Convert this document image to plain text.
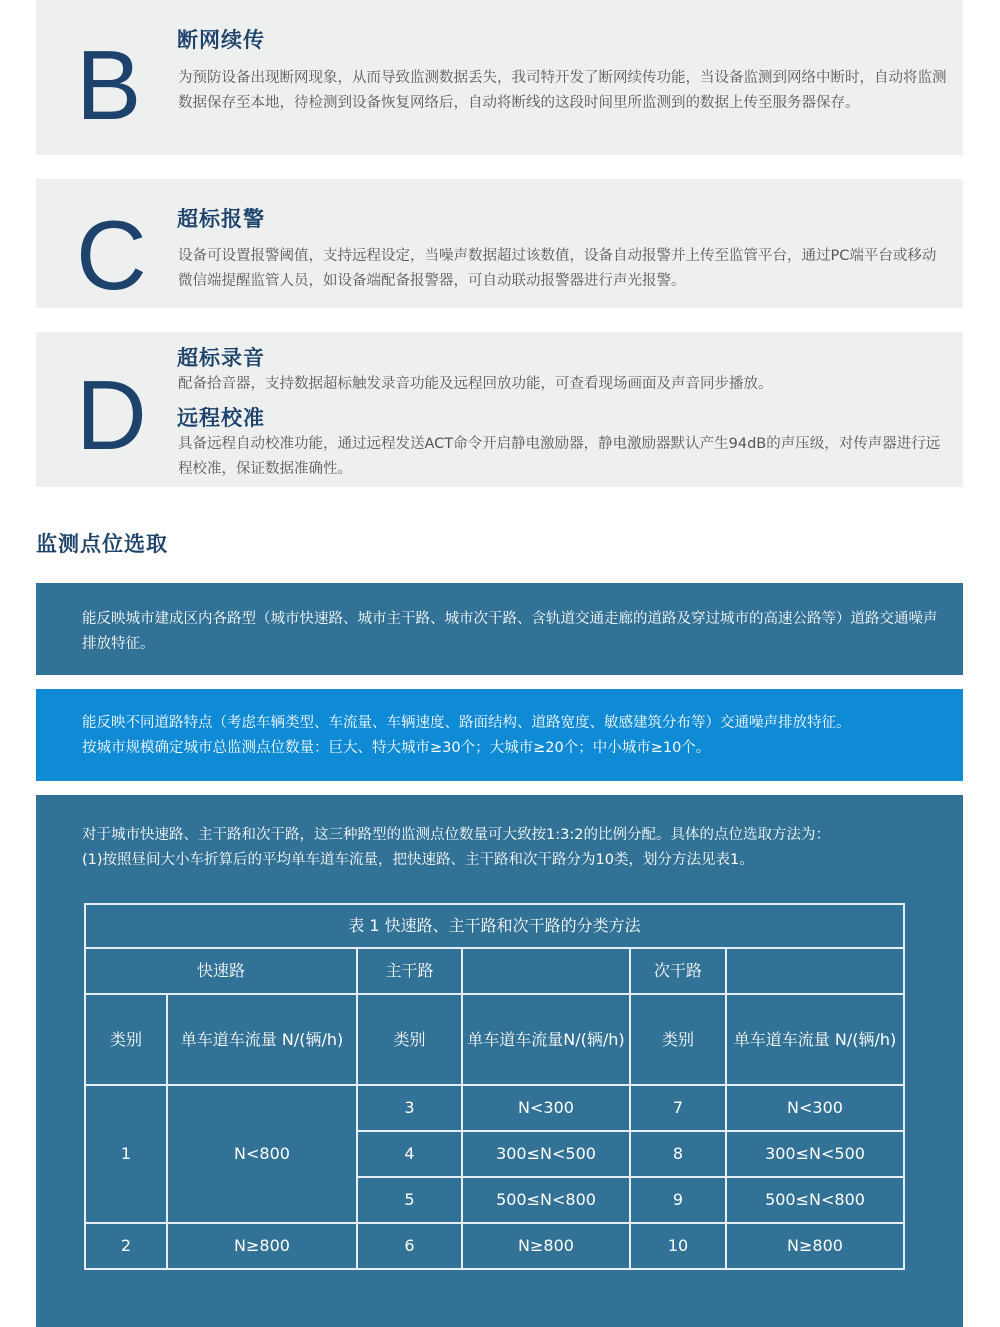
B 断网续传
为预防设备出现断网现象，从而导致监测数据丢失，我司特开发了断网续传功能，当设备监测到网络中断时，自动将监测数据保存至本地，待检测到设备恢复网络后，自动将断线的这段时间里所监测到的数据上传至服务器保存。
C 超标报警
设备可设置报警阈值，支持远程设定，当噪声数据超过该数值，设备自动报警并上传至监管平台，通过PC端平台或移动微信端提醒监管人员，如设备端配备报警器，可自动联动报警器进行声光报警。
D
超标录音
配备拾音器，支持数据超标触发录音功能及远程回放功能，可查看现场画面及声音同步播放。
远程校准
具备远程自动校准功能，通过远程发送ACT命令开启静电激励器，静电激励器默认产生94dB的声压级，对传声器进行远程校准，保证数据准确性。
监测点位选取

能反映城市建成区内各路型（城市快速路、城市主干路、城市次干路、含轨道交通走廊的道路及穿过城市的高速公路等）道路交通噪声排放特征。

能反映不同道路特点（考虑车辆类型、车流量、车辆速度、路面结构、道路宽度、敏感建筑分布等）交通噪声排放特征。
按城市规模确定城市总监测点位数量：巨大、特大城市≥30个；大城市≥20个；中小城市≥10个。

对于城市快速路、主干路和次干路，这三种路型的监测点位数量可大致按1:3:2的比例分配。具体的点位选取方法为：
(1)按照昼间大小车折算后的平均单车道车流量，把快速路、主干路和次干路分为10类，划分方法见表1。

表 1 快速路、主干路和次干路的分类方法					
快速路		主干路		次干路	
类别	单车道车流量 N/(辆/h)	类别	单车道车流量N/(辆/h)	类别	单车道车流量 N/(辆/h)
1	N<800	3	N<300	7	N<300
		4	300≤N<500	8	300≤N<500
		5	500≤N<800	9	500≤N<800
2	N≥800	6	N≥800	10	N≥800
